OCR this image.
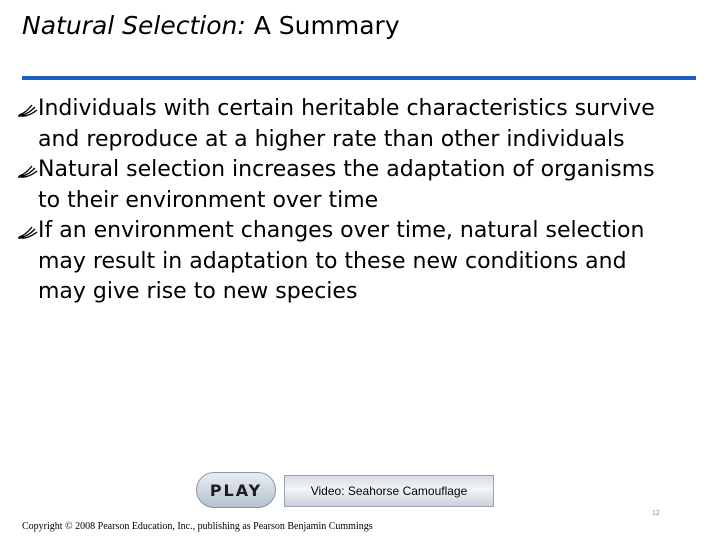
Natural Selection: A Summary
Individuals with certain heritable characteristics survive and reproduce at a higher rate than other individuals
Natural selection increases the adaptation of organisms to their environment over time
If an environment changes over time, natural selection may result in adaptation to these new conditions and may give rise to new species
PLAY	Video: Seahorse Camouflage
Copyright © 2008 Pearson Education, Inc., publishing as Pearson Benjamin Cummings
12
